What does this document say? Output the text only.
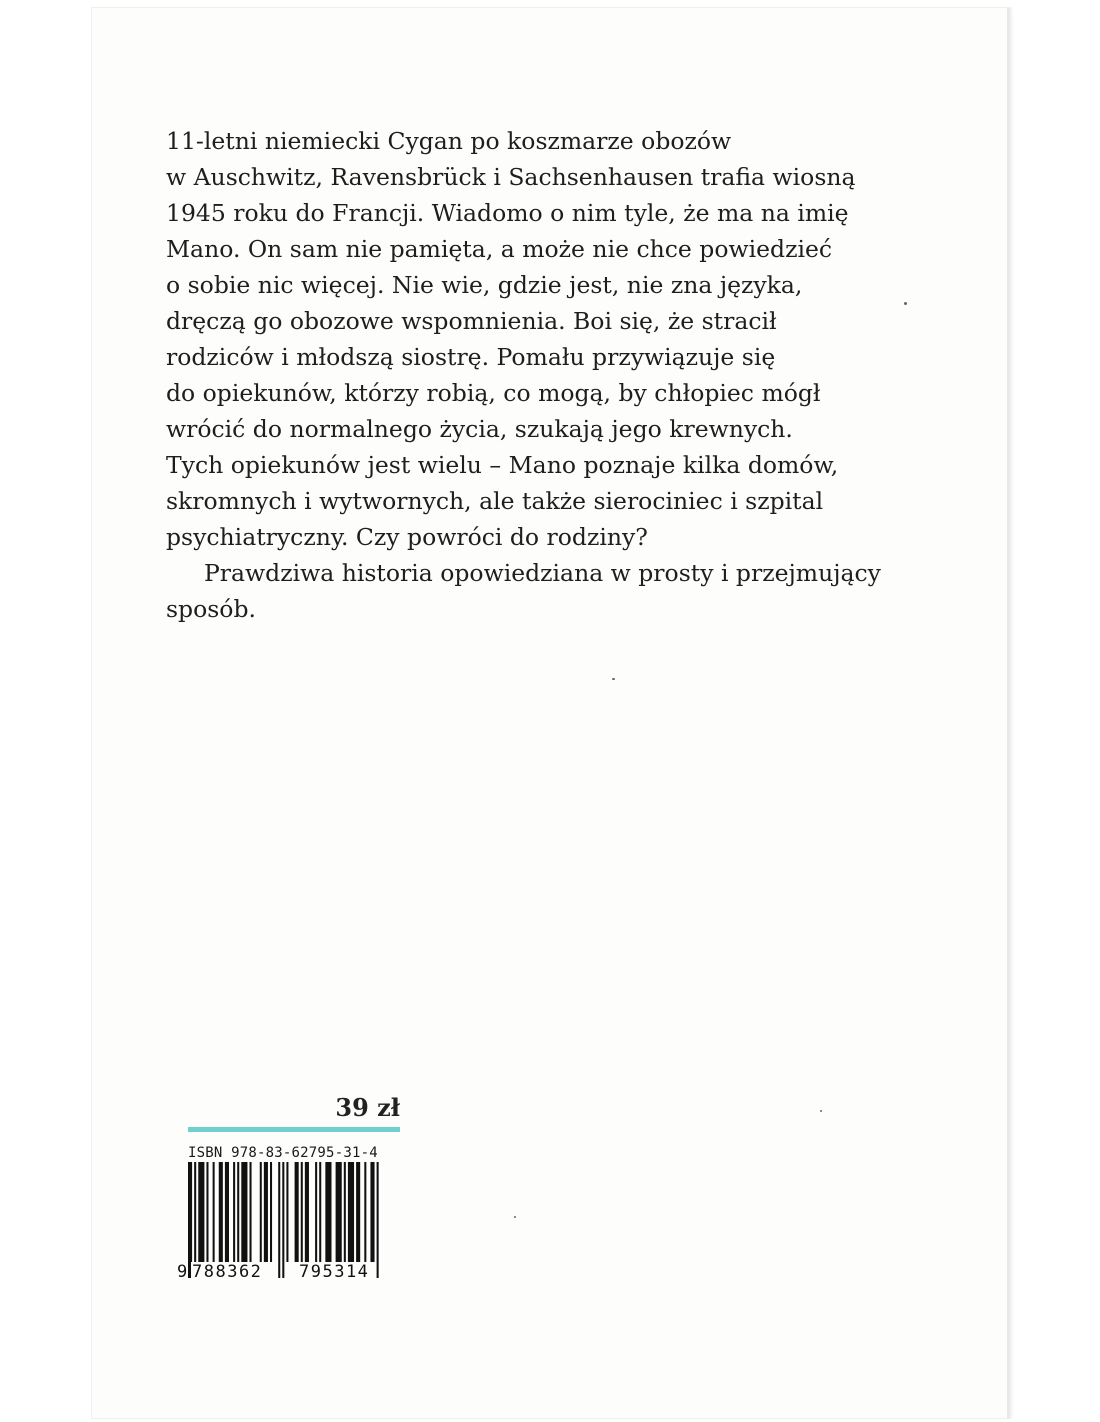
11-letni niemiecki Cygan po koszmarze obozów
w Auschwitz, Ravensbrück i Sachsenhausen trafia wiosną
1945 roku do Francji. Wiadomo o nim tyle, że ma na imię
Mano. On sam nie pamięta, a może nie chce powiedzieć
o sobie nic więcej. Nie wie, gdzie jest, nie zna języka,
dręczą go obozowe wspomnienia. Boi się, że stracił
rodziców i młodszą siostrę. Pomału przywiązuje się
do opiekunów, którzy robią, co mogą, by chłopiec mógł
wrócić do normalnego życia, szukają jego krewnych.
Tych opiekunów jest wielu – Mano poznaje kilka domów,
skromnych i wytwornych, ale także sierociniec i szpital
psychiatryczny. Czy powróci do rodziny?
Prawdziwa historia opowiedziana w prosty i przejmujący
sposób.
39 zł
ISBN 978-83-62795-31-4
9 788362 795314
